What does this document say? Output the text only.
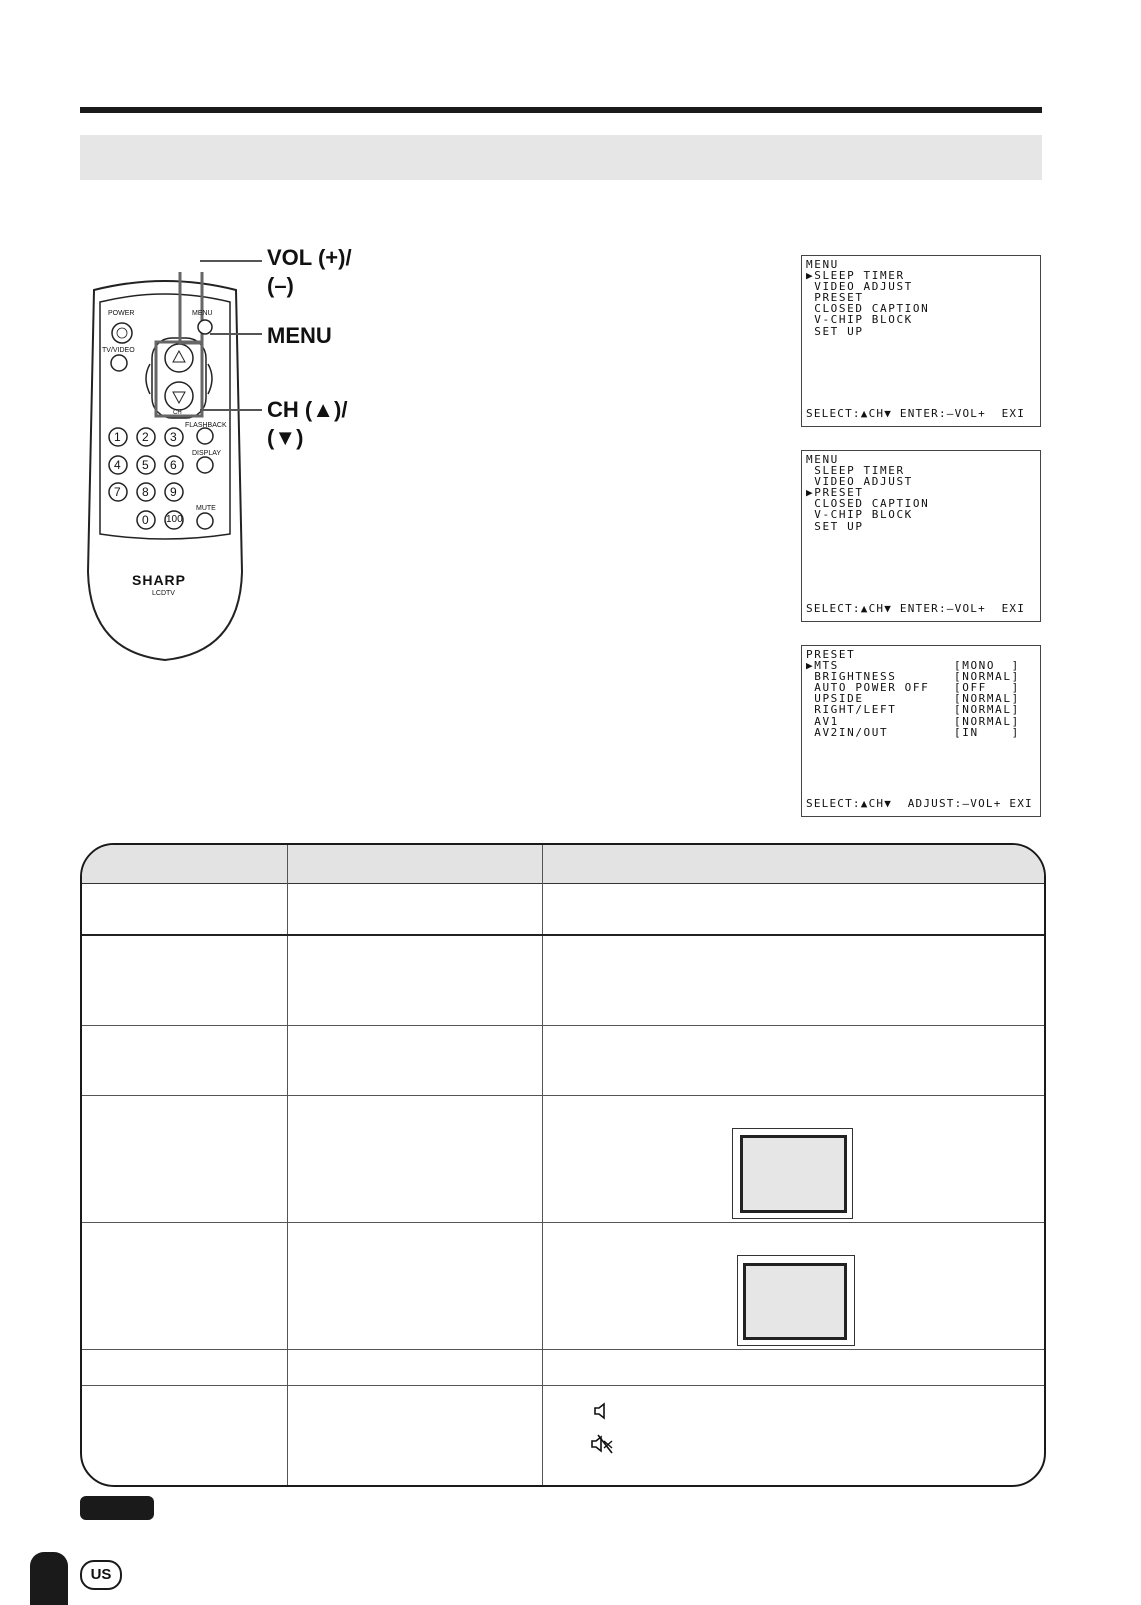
POWER	MENU
TV/VIDEO
CH
FLASHBACK
DISPLAY
MUTE
1 2 3
4 5 6
7 8 9
0 100
SHARP
LCDTV
VOL (+)/
(–)
MENU
CH (▲)/
(▼)
MENU
▶SLEEP TIMER
VIDEO ADJUST
PRESET
CLOSED CAPTION
V-CHIP BLOCK
SET UP
SELECT:▲CH▼ ENTER:–VOL+  EXI
MENU
SLEEP TIMER
VIDEO ADJUST
▶PRESET
CLOSED CAPTION
V-CHIP BLOCK
SET UP
SELECT:▲CH▼ ENTER:–VOL+  EXI
PRESET
▶MTS              [MONO  ]
BRIGHTNESS       [NORMAL]
AUTO POWER OFF   [OFF   ]
UPSIDE           [NORMAL]
RIGHT/LEFT       [NORMAL]
AV1              [NORMAL]
AV2IN/OUT        [IN    ]
SELECT:▲CH▼  ADJUST:–VOL+ EXI
US
